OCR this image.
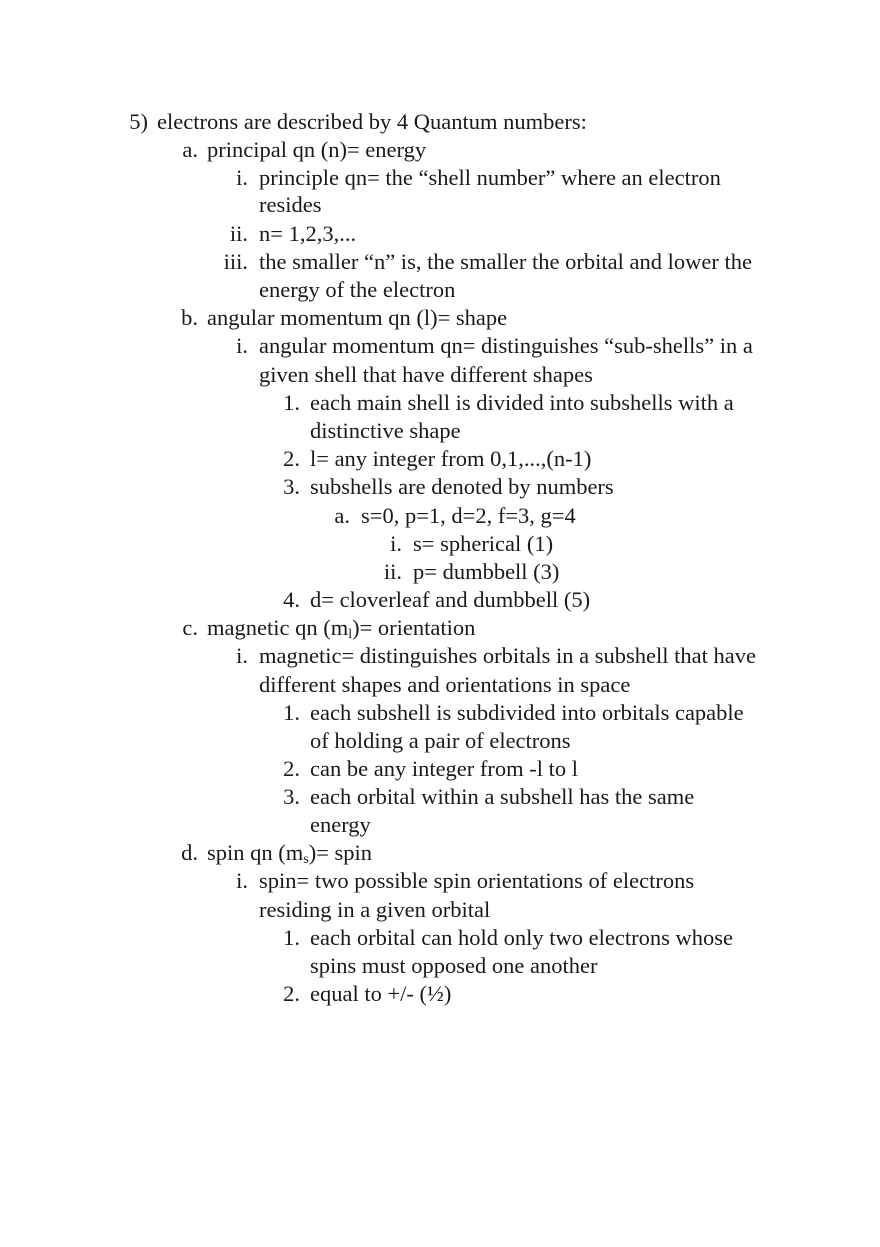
5) electrons are described by 4 Quantum numbers:
a. principal qn (n)= energy
i. principle qn= the “shell number” where an electron
resides
ii. n= 1,2,3,...
iii. the smaller “n” is, the smaller the orbital and lower the
energy of the electron
b. angular momentum qn (l)= shape
i. angular momentum qn= distinguishes “sub-shells” in a
given shell that have different shapes
1. each main shell is divided into subshells with a
distinctive shape
2. l= any integer from 0,1,...,(n-1)
3. subshells are denoted by numbers
a. s=0, p=1, d=2, f=3, g=4
i. s= spherical (1)
ii. p= dumbbell (3)
4. d= cloverleaf and dumbbell (5)
c. magnetic qn $(m_l)=$ orientation
i. magnetic= distinguishes orbitals in a subshell that have
different shapes and orientations in space
1. each subshell is subdivided into orbitals capable
of holding a pair of electrons
2. can be any integer from -l to l
3. each orbital within a subshell has the same
energy
d. spin qn $(m_s)=$ spin
i. spin= two possible spin orientations of electrons
residing in a given orbital
1. each orbital can hold only two electrons whose
spins must opposed one another
2. equal to +/- (½)
